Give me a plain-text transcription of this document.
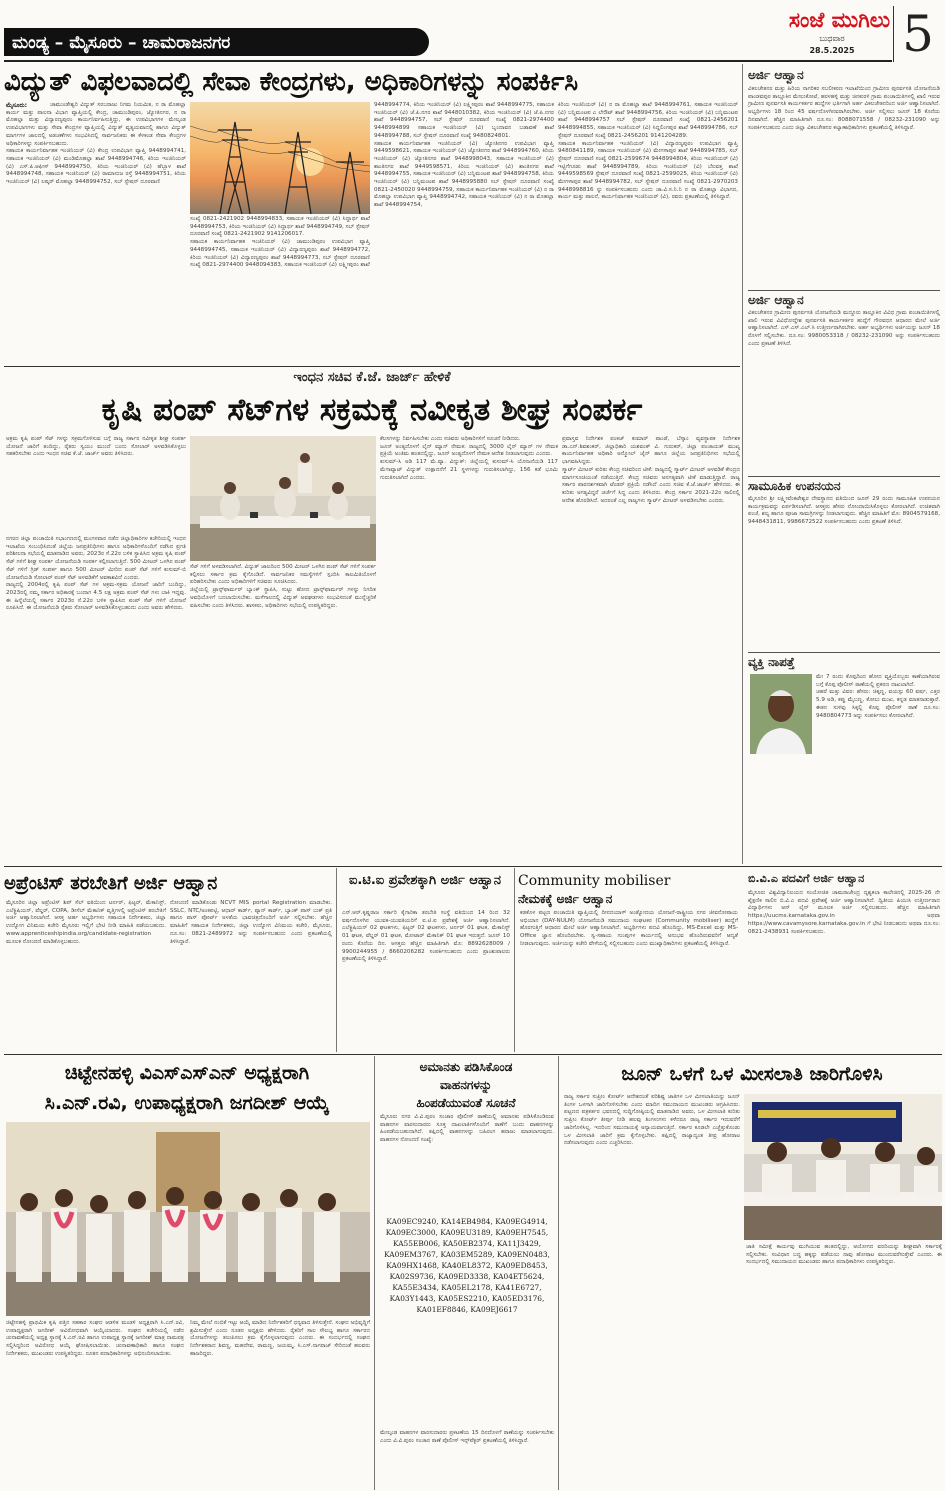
ಮಂಡ್ಯ – ಮೈಸೂರು – ಚಾಮರಾಜನಗರ
ಸಂಜೆ ಮುಗಿಲು
ಬುಧವಾರ
28.5.2025 5
ವಿದ್ಯುತ್ ವಿಫಲವಾದಲ್ಲಿ ಸೇವಾ ಕೇಂದ್ರಗಳು, ಅಧಿಕಾರಿಗಳನ್ನು ಸಂಪರ್ಕಿಸಿ
ಮೈಸೂರು:	ಚಾಮುಂಡೇಶ್ವರಿ ವಿದ್ಯುತ್ ಸರಬರಾಜು ನಿಗಮ ನಿಯಮಿತ, ನ ರಾ ಮೊಹಲ್ಲಾ ಕಾರ್ಯ ಮತ್ತು ಪಾಲನಾ ವಿಭಾಗ ವ್ಯಾಪ್ತಿಯಲ್ಲಿ ಕೇಂದ್ರ, ಚಾಮುಂಡಿಪುರಂ, ಜ್ಯೋತಿನಗರ, ನ ರಾ ಮೊಹಲ್ಲಾ ಮತ್ತು ವಿದ್ಯಾರಣ್ಯಪುರಂ ಕಾರ್ಯನಿರ್ವಹಿಸುತ್ತಿದ್ದು, ಈ ಉಪವಿಭಾಗಗಳ ಮೇಲ್ಕಂಡ ಉಪವಿಭಾಗಗಳು ಮತ್ತು ಸೇವಾ ಕೇಂದ್ರಗಳ ವ್ಯಾಪ್ತಿಯಲ್ಲಿ ವಿದ್ಯುತ್ ವ್ಯತ್ಯಯವಾದಲ್ಲಿ ಹಾಗೂ ವಿದ್ಯುತ್ ಮಾರ್ಗಗಳ ಜಾಲದಲ್ಲಿ ಅಡಚಣೆಗಳು ಸಂಭವಿಸಿದಲ್ಲಿ ಸಾರ್ವಜನಿಕರು ಈ ಕೆಳಕಂಡ ಸೇವಾ ಕೇಂದ್ರಗಳ ಅಧಿಕಾರಿಗಳನ್ನು ಸಂಪರ್ಕಿಸಬಹುದು.
ಸಹಾಯಕ ಕಾರ್ಯನಿರ್ವಾಹಕ ಇಂಜಿನಿಯರ್ (ವಿ) ಕೇಂದ್ರ ಉಪವಿಭಾಗ ವ್ಯಾಪ್ತಿ 9448994741, ಸಹಾಯಕ ಇಂಜಿನಿಯರ್ (ವಿ) ಮಂಡಿಮೊಹಲ್ಲಾ ಶಾಖೆ 9448994746, ಕಿರಿಯ ಇಂಜಿನಿಯರ್ (ವಿ) ಎಸ್.ಪಿ.ಆಫೀಸ್ 9448994750, ಕಿರಿಯ ಇಂಜಿನಿಯರ್ (ವಿ) ಹೆಬ್ಬಾಳ ಶಾಖೆ 9448994748, ಸಹಾಯಕ ಇಂಜಿನಿಯರ್ (ವಿ) ರಾಮಾನುಜ ರಸ್ತೆ 9448994751, ಕಿರಿಯ ಇಂಜಿನಿಯರ್ (ವಿ) ಲಷ್ಕರ್ ಮೊಹಲ್ಲಾ 9448994752, ಸಬ್ ಸ್ಟೇಷನ್ ದೂರವಾಣಿ
ಸಂಖ್ಯೆ 0821-2421902 9448994833, ಸಹಾಯಕ ಇಂಜಿನಿಯರ್ (ವಿ) ಸಿದ್ದಾರ್ಥ ಶಾಖೆ 9448994753, ಕಿರಿಯ ಇಂಜಿನಿಯರ್ (ವಿ) ಸಿದ್ದಾರ್ಥ ಶಾಖೆ 9448994749, ಸಬ್ ಸ್ಟೇಷನ್ ದೂರವಾಣಿ ಸಂಖ್ಯೆ 0821-2421902 9141206017.
ಸಹಾಯಕ ಕಾರ್ಯನಿರ್ವಾಹಕ ಇಂಜಿನಿಯರ್ (ವಿ) ಚಾಮುಂಡಿಪುರಂ ಉಪವಿಭಾಗ ವ್ಯಾಪ್ತಿ 9448994745, ಸಹಾಯಕ ಇಂಜಿನಿಯರ್ (ವಿ) ವಿದ್ಯಾರಣ್ಯಪುರಂ ಶಾಖೆ 9448994772, ಕಿರಿಯ ಇಂಜಿನಿಯರ್ (ವಿ) ವಿದ್ಯಾರಣ್ಯಪುರಂ ಶಾಖೆ 9448994773, ಸಬ್ ಸ್ಟೇಷನ್ ದೂರವಾಣಿ ಸಂಖ್ಯೆ 0821-2974400 9448094383, ಸಹಾಯಕ ಇಂಜಿನಿಯರ್ (ವಿ) ಲಕ್ಷ್ಮೀಪುರಂ ಶಾಖೆ
9448994774, ಕಿರಿಯ ಇಂಜಿನಿಯರ್ (ವಿ) ಲಕ್ಷ್ಮೀಪುರಂ ಶಾಖೆ 9448994775, ಸಹಾಯಕ ಇಂಜಿನಿಯರ್ (ವಿ) ಜೆ.ಪಿ.ನಗರ ಶಾಖೆ 9448010382, ಕಿರಿಯ ಇಂಜಿನಿಯರ್ (ವಿ) ಜೆ.ಪಿ.ನಗರ ಶಾಖೆ 9448994757, ಸಬ್ ಸ್ಟೇಷನ್ ದೂರವಾಣಿ ಸಂಖ್ಯೆ 0821-2974400 9448994899 ಸಹಾಯಕ ಇಂಜಿನಿಯರ್ (ವಿ) ಬೃಂದಾವನ ಬಡಾವಣೆ ಶಾಖೆ 9448994788, ಸಬ್ ಸ್ಟೇಷನ್ ದೂರವಾಣಿ ಸಂಖ್ಯೆ 9480824801.
ಸಹಾಯಕ ಕಾರ್ಯನಿರ್ವಾಹಕ ಇಂಜಿನಿಯರ್ (ವಿ) ಜ್ಯೋತಿನಗರ ಉಪವಿಭಾಗ ವ್ಯಾಪ್ತಿ 9449598621, ಸಹಾಯಕ ಇಂಜಿನಿಯರ್ (ವಿ) ಜ್ಯೋತಿನಗರ ಶಾಖೆ 9448994760, ಕಿರಿಯ ಇಂಜಿನಿಯರ್ (ವಿ) ಜ್ಯೋತಿನಗರ ಶಾಖೆ 9448998043, ಸಹಾಯಕ ಇಂಜಿನಿಯರ್ (ವಿ) ಶಾಂತಿನಗರ ಶಾಖೆ 9449598571, ಕಿರಿಯ ಇಂಜಿನಿಯರ್ (ವಿ) ಶಾಂತಿನಗರ ಶಾಖೆ 9448994755, ಸಹಾಯಕ ಇಂಜಿನಿಯರ್ (ವಿ) ಬನ್ನಿಮಂಟಪ ಶಾಖೆ 9448994758, ಕಿರಿಯ ಇಂಜಿನಿಯರ್ (ವಿ) ಬನ್ನಿಮಂಟಪ ಶಾಖೆ 9448995880 ಸಬ್ ಸ್ಟೇಷನ್ ದೂರವಾಣಿ ಸಂಖ್ಯೆ 0821-2450020 9448994759, ಸಹಾಯಕ ಕಾರ್ಯನಿರ್ವಾಹಕ ಇಂಜಿನಿಯರ್ (ವಿ) ನ ರಾ ಮೊಹಲ್ಲಾ ಉಪವಿಭಾಗ ವ್ಯಾಪ್ತಿ 9448994742, ಸಹಾಯಕ ಇಂಜಿನಿಯರ್ (ವಿ) ನ ರಾ ಮೊಹಲ್ಲಾ ಶಾಖೆ 9448994754,
ಕಿರಿಯ ಇಂಜಿನಿಯರ್ (ವಿ) ನ ರಾ ಮೊಹಲ್ಲಾ ಶಾಖೆ 9448994761, ಸಹಾಯಕ ಇಂಜಿನಿಯರ್ (ವಿ) ಬನ್ನಿಮಂಟಪ ಎ ಲೇಔಟ್ ಶಾಖೆ 9448994756, ಕಿರಿಯ ಇಂಜಿನಿಯರ್ (ವಿ) ಬನ್ನಿಮಂಟಪ ಶಾಖೆ 9448994757 ಸಬ್ ಸ್ಟೇಷನ್ ದೂರವಾಣಿ ಸಂಖ್ಯೆ 0821-2456201 9448994855, ಸಹಾಯಕ ಇಂಜಿನಿಯರ್ (ವಿ) ಸಿದ್ದಲಿಂಗಪುರ ಶಾಖೆ 9448994786, ಸಬ್ ಸ್ಟೇಷನ್ ದೂರವಾಣಿ ಸಂಖ್ಯೆ 0821-2456201 9141204289.
ಸಹಾಯಕ ಕಾರ್ಯನಿರ್ವಾಹಕ ಇಂಜಿನಿಯರ್ (ವಿ) ವಿದ್ಯಾರಣ್ಯಪುರಂ ಉಪವಿಭಾಗ ವ್ಯಾಪ್ತಿ 9480841189, ಸಹಾಯಕ ಇಂಜಿನಿಯರ್ (ವಿ) ಮೇಗಳಾಪುರ ಶಾಖೆ 9448994785, ಸಬ್ ಸ್ಟೇಷನ್ ದೂರವಾಣಿ ಸಂಖ್ಯೆ 0821-2599674 9448994804, ಕಿರಿಯ ಇಂಜಿನಿಯರ್ (ವಿ) ಇಟ್ಟಿಗೆಗೂಡು ಶಾಖೆ 9448994789, ಕಿರಿಯ ಇಂಜಿನಿಯರ್ (ವಿ) ಬೆಲವತ್ತ ಶಾಖೆ 9449598569 ಸ್ಟೇಷನ್ ದೂರವಾಣಿ ಸಂಖ್ಯೆ 0821-2599025, ಕಿರಿಯ ಇಂಜಿನಿಯರ್ (ವಿ) ಮೇಗಳಾಪುರ ಶಾಖೆ 9448994782, ಸಬ್ ಸ್ಟೇಷನ್ ದೂರವಾಣಿ ಸಂಖ್ಯೆ 0821-2970203 9448998816 ನ್ನು ಸಂಪರ್ಕಿಸಬಹುದು ಎಂದು ಚಾ.ವಿ.ಸ.ನಿ.ನಿ ನ ರಾ ಮೊಹಲ್ಲಾ ವಿಭಾಗದ, ಕಾರ್ಯ ಮತ್ತು ಪಾಲನೆ, ಕಾರ್ಯನಿರ್ವಾಹಕ ಇಂಜಿನಿಯರ್ (ವಿ), ರವರು ಪ್ರಕಟಣೆಯಲ್ಲಿ ತಿಳಿಸಿದ್ದಾರೆ.
ಇಂಧನ ಸಚಿವ ಕೆ.ಜೆ. ಜಾರ್ಜ್ ಹೇಳಿಕೆ
ಕೃಷಿ ಪಂಪ್ ಸೆಟ್‌ಗಳ ಸಕ್ರಮಕ್ಕೆ ನವೀಕೃತ ಶೀಘ್ರ ಸಂಪರ್ಕ
ಅಕ್ರಮ ಕೃಷಿ ಪಂಪ್ ಸೆಟ್ ಗಳನ್ನು ಸಕ್ರಮಗೊಳಿಸುವ ಬಗ್ಗೆ ರಾಜ್ಯ ಸರ್ಕಾರ ನವೀಕೃತ ಶೀಘ್ರ ಸಂಪರ್ಕ ಯೋಜನೆ ಜಾರಿಗೆ ತಂದಿದ್ದು, ರೈತರು ಸ್ವಯಂ ಮುಂದೆ ಬಂದು ಸೋಲಾರ್ ಅಳವಡಿಸಿಕೊಳ್ಳಲು ಸಹಕರಿಸಬೇಕು ಎಂದು ಇಂಧನ ಸಚಿವ ಕೆ.ಜೆ. ಜಾರ್ಜ್ ಅವರು ತಿಳಿಸಿದರು.
ನಗರದ ಜಿಲ್ಲಾ ಪಂಚಾಯಿತಿ ಸಭಾಂಗಣದಲ್ಲಿ ಮಂಗಳವಾರ ನಡೆದ ಜಿಲ್ಲಾಧಿಕಾರಿಗಳ ಕಚೇರಿಯಲ್ಲಿ ಇಂಧನ ಇಲಾಖೆಯ ಸಂಬಂಧಿಸಿದಂತೆ ಜಿಲ್ಲೆಯ ಜನಪ್ರತಿನಿಧಿಗಳು ಹಾಗೂ ಅಧಿಕಾರಿಗಳೊಂದಿಗೆ ನಡೆಸಿದ ಪ್ರಗತಿ ಪರಿಶೀಲನಾ ಸಭೆಯಲ್ಲಿ ಮಾತನಾಡಿದ ಅವರು, 2023ರ ಸೆ.22ರ ಬಳಿಕ ಸ್ಥಾಪಿಸಿದ ಅಕ್ರಮ ಕೃಷಿ ಪಂಪ್ ಸೆಟ್ ಗಳಿಗೆ ಶೀಘ್ರ ಸಂಪರ್ಕ ಯೋಜನೆಯಡಿ ಸಂಪರ್ಕ ಕಲ್ಪಿಸಲಾಗುತ್ತಿದೆ. 500 ಮೀಟರ್ ಒಳಗಿನ ಪಂಪ್ ಸೆಟ್ ಗಳಿಗೆ ಗ್ರಿಡ್ ಸಂಪರ್ಕ ಹಾಗೂ 500 ಮೀಟರ್ ಮೀರಿದ ಪಂಪ್ ಸೆಟ್ ಗಳಿಗೆ ಕುಸುಮ್-ಬಿ ಯೋಜನೆಯಡಿ ಸೋಲಾರ್ ಪಂಪ್ ಸೆಟ್ ಅಳವಡಿಕೆಗೆ ಅವಕಾಶವಿದೆ ಎಂದರು.
ರಾಜ್ಯದಲ್ಲಿ 2004ರಲ್ಲಿ ಕೃಷಿ ಪಂಪ್ ಸೆಟ್ ಗಳ ಅಕ್ರಮ-ಸಕ್ರಮ ಯೋಜನೆ ಜಾರಿಗೆ ಬಂದಿದ್ದು, 2023ರಲ್ಲಿ ನಮ್ಮ ಸರ್ಕಾರ ಅಧಿಕಾರಕ್ಕೆ ಬಂದಾಗ 4.5 ಲಕ್ಷ ಅಕ್ರಮ ಪಂಪ್ ಸೆಟ್ ಗಳು ಬಾಕಿ ಇದ್ದವು. ಈ ಹಿನ್ನೆಲೆಯಲ್ಲಿ ಸರ್ಕಾರ 2023ರ ಸೆ.22ರ ಬಳಿಕ ಸ್ಥಾಪಿಸಿದ ಪಂಪ್ ಸೆಟ್ ಗಳಿಗೆ ಯೋಜನೆ ರೂಪಿಸಿದೆ. ಈ ಯೋಜನೆಯಡಿ ರೈತರು ಸೋಲಾರ್ ಅಳವಡಿಸಿಕೊಳ್ಳಬಹುದು ಎಂದು ಅವರು ಹೇಳಿದರು.
ಸೆಟ್ ಗಳಿಗೆ ಅಳವಡಿಸಲಾಗಿದೆ. ವಿದ್ಯುತ್ ಜಾಲದಿಂದ 500 ಮೀಟರ್ ಒಳಗಿನ ಪಂಪ್ ಸೆಟ್ ಗಳಿಗೆ ಸಂಪರ್ಕ ಕಲ್ಪಿಸಲು ಸರ್ಕಾರ ಕ್ರಮ ಕೈಗೊಂಡಿದೆ. ಸಾರ್ವಜನಿಕರ ಸಮಸ್ಯೆಗಳಿಗೆ ಸ್ಪಂದಿಸಿ ಕಾಲಮಿತಿಯೊಳಗೆ ಪರಿಹರಿಸಬೇಕು ಎಂದು ಅಧಿಕಾರಿಗಳಿಗೆ ಸಚಿವರು ಸೂಚಿಸಿದರು.
ಜಿಲ್ಲೆಯಲ್ಲಿ ಟ್ರಾನ್ಸ್‌ಫಾರ್ಮರ್ ಬ್ಯಾಂಕ್ ಸ್ಥಾಪಿಸಿ, ಸುಟ್ಟು ಹೋದ ಟ್ರಾನ್ಸ್‌ಫಾರ್ಮರ್ ಗಳನ್ನು ನಿಗದಿತ ಅವಧಿಯೊಳಗೆ ಬದಲಾಯಿಸಬೇಕು. ಮಳೆಗಾಲದಲ್ಲಿ ವಿದ್ಯುತ್ ಅವಘಡಗಳು ಸಂಭವಿಸದಂತೆ ಮುನ್ನೆಚ್ಚರಿಕೆ ವಹಿಸಬೇಕು ಎಂದು ತಿಳಿಸಿದರು. ಶಾಸಕರು, ಅಧಿಕಾರಿಗಳು ಸಭೆಯಲ್ಲಿ ಉಪಸ್ಥಿತರಿದ್ದರು.
ಕೆಲಸಗಳನ್ನು ನಿರ್ವಹಿಸಬೇಕು ಎಂದು ಸಚಿವರು ಅಧಿಕಾರಿಗಳಿಗೆ ಸೂಚನೆ ನೀಡಿದರು.
ಜೂನ್ ಅಂತ್ಯದೊಳಗೆ ಲೈನ್ ಮ್ಯಾನ್ ನೇಮಕ: ರಾಜ್ಯದಲ್ಲಿ 3000 ಲೈನ್ ಮ್ಯಾನ್ ಗಳ ನೇಮಕ ಪ್ರಕ್ರಿಯೆ ಅಂತಿಮ ಹಂತದಲ್ಲಿದ್ದು, ಜೂನ್ ಅಂತ್ಯದೊಳಗೆ ನೇಮಕ ಆದೇಶ ನೀಡಲಾಗುವುದು ಎಂದರು.
ಕುಸುಮ್-ಸಿ ಅಡಿ 117 ಮೆ.ವ್ಯಾ. ವಿದ್ಯುತ್: ಜಿಲ್ಲೆಯಲ್ಲಿ ಕುಸುಮ್-ಸಿ ಯೋಜನೆಯಡಿ 117 ಮೆಗಾವ್ಯಾಟ್ ವಿದ್ಯುತ್ ಉತ್ಪಾದನೆಗೆ 21 ಸ್ಥಳಗಳನ್ನು ಗುರುತಿಸಲಾಗಿದ್ದು, 156 ಕಡೆ ಭೂಮಿ ಗುರುತಿಸಲಾಗಿದೆ ಎಂದರು.
ಪ್ರವಾಸ್ತವ ನಿರ್ದೇಶಕ ಪಂಕಜ್ ಕುಮಾರ್ ಪಾಂಡೆ, ಬೆಸ್ಕಾಂ ವ್ಯವಸ್ಥಾಪಕ ನಿರ್ದೇಶಕ ಡಾ.ಎನ್.ಶಿವಶಂಕರ್, ಜಿಲ್ಲಾಧಿಕಾರಿ ಯಶವಂತ್ ವಿ. ಗುರುಕರ್, ಜಿಲ್ಲಾ ಪಂಚಾಯತ್ ಮುಖ್ಯ ಕಾರ್ಯನಿರ್ವಾಹಕ ಅಧಿಕಾರಿ ಅನ್ಮೋಲ್ ಜೈನ್ ಹಾಗೂ ಜಿಲ್ಲೆಯ ಜನಪ್ರತಿನಿಧಿಗಳು ಸಭೆಯಲ್ಲಿ ಭಾಗವಹಿಸಿದ್ದರು.
ಸ್ಮಾರ್ಟ್ ಮೀಟರ್ ಕುರಿತು ಕೇಂದ್ರ ಸಚಿವರಿಂದ ಟೀಕೆ: ರಾಜ್ಯದಲ್ಲಿ ಸ್ಮಾರ್ಟ್ ಮೀಟರ್ ಅಳವಡಿಕೆ ಕೇಂದ್ರದ ಮಾರ್ಗಸೂಚಿಯಂತೆ ನಡೆಯುತ್ತಿದೆ. ಕೇಂದ್ರ ಸಚಿವರು ಅನಗತ್ಯವಾಗಿ ಟೀಕೆ ಮಾಡುತ್ತಿದ್ದಾರೆ. ರಾಜ್ಯ ಸರ್ಕಾರ ಪಾರದರ್ಶಕವಾಗಿ ಟೆಂಡರ್ ಪ್ರಕ್ರಿಯೆ ನಡೆಸಿದೆ ಎಂದು ಸಚಿವ ಕೆ.ಜೆ.ಜಾರ್ಜ್ ಹೇಳಿದರು. ಈ ಕುರಿತು ಅಗತ್ಯವಿದ್ದರೆ ಚರ್ಚೆಗೆ ಸಿದ್ಧ ಎಂದು ತಿಳಿಸಿದರು. ಕೇಂದ್ರ ಸರ್ಕಾರ 2021-22ರ ಸಾಲಿನಲ್ಲಿ ಆದೇಶ ಹೊರಡಿಸಿದೆ. ಅದರಂತೆ ಎಲ್ಲ ರಾಜ್ಯಗಳು ಸ್ಮಾರ್ಟ್ ಮೀಟರ್ ಅಳವಡಿಸಬೇಕು ಎಂದರು.
ಅರ್ಜಿ ಆಹ್ವಾನ
ವಿಕಲಚೇತನರ ಮತ್ತು ಹಿರಿಯ ನಾಗರಿಕರ ಸಬಲೀಕರಣ ಇಲಾಖೆಯಿಂದ ಗ್ರಾಮೀಣ ಪುನರ್ವಸತಿ ಯೋಜನೆಯಡಿ ಪಾಂಡವಪುರ ತಾಲ್ಲೂಕಿನ ಮೇಲುಕೋಟೆ, ಹರಳಹಳ್ಳಿ ಮತ್ತು ಚಿನಕುರಳಿ ಗ್ರಾಮ ಪಂಚಾಯಿತಿಗಳಲ್ಲಿ ಖಾಲಿ ಇರುವ ಗ್ರಾಮೀಣ ಪುನರ್ವಸತಿ ಕಾರ್ಯಕರ್ತರ ಹುದ್ದೆಗಳ ಭರ್ತಿಗಾಗಿ ಅರ್ಹ ವಿಕಲಚೇತನರಿಂದ ಅರ್ಜಿ ಆಹ್ವಾನಿಸಲಾಗಿದೆ. ಅಭ್ಯರ್ಥಿಗಳು 18 ರಿಂದ 45 ವರ್ಷದೊಳಗಿನವರಾಗಿರಬೇಕು. ಅರ್ಜಿ ಸಲ್ಲಿಸಲು ಜೂನ್ 18 ಕೊನೆಯ ದಿನವಾಗಿದೆ. ಹೆಚ್ಚಿನ ಮಾಹಿತಿಗಾಗಿ ದೂ.ಸಂ: 8088071558 / 08232-231090 ಅನ್ನು ಸಂಪರ್ಕಿಸಬಹುದು ಎಂದು ಜಿಲ್ಲಾ ವಿಕಲಚೇತನರ ಕಲ್ಯಾಣಾಧಿಕಾರಿಗಳು ಪ್ರಕಟಣೆಯಲ್ಲಿ ತಿಳಿಸಿದ್ದಾರೆ.
ಅರ್ಜಿ ಆಹ್ವಾನ
ವಿಕಲಚೇತನರ ಗ್ರಾಮೀಣ ಪುನರ್ವಸತಿ ಯೋಜನೆಯಡಿ ಮದ್ದೂರು ತಾಲ್ಲೂಕಿನ ವಿವಿಧ ಗ್ರಾಮ ಪಂಚಾಯಿತಿಗಳಲ್ಲಿ ಖಾಲಿ ಇರುವ ವಿವಿಧೋದ್ದೇಶ ಪುನರ್ವಸತಿ ಕಾರ್ಯಕರ್ತರ ಹುದ್ದೆಗೆ ಗೌರವಧನ ಆಧಾರದ ಮೇಲೆ ಅರ್ಜಿ ಆಹ್ವಾನಿಸಲಾಗಿದೆ. ಎಸ್.ಎಸ್.ಎಲ್.ಸಿ ಉತ್ತೀರ್ಣರಾಗಿರಬೇಕು. ಅರ್ಹ ಅಭ್ಯರ್ಥಿಗಳು ಅರ್ಜಿಯನ್ನು ಜೂನ್ 18 ರೊಳಗೆ ಸಲ್ಲಿಸಬೇಕು. ದೂ.ಸಂ: 9980053318 / 08232-231090 ಅನ್ನು ಸಂಪರ್ಕಿಸಬಹುದು ಎಂದು ಪ್ರಕಟಣೆ ತಿಳಿಸಿದೆ.
ಸಾಮೂಹಿಕ ಉಪನಯನ
ಮೈಸೂರಿನ ಶ್ರೀ ಲಕ್ಷ್ಮೀವೆಂಕಟೇಶ್ವರ ದೇವಸ್ಥಾನದ ವತಿಯಿಂದ ಜೂನ್ 29 ರಂದು ಸಾಮೂಹಿಕ ಉಪನಯನ ಕಾರ್ಯಕ್ರಮವನ್ನು ಏರ್ಪಡಿಸಲಾಗಿದೆ. ಆಸಕ್ತರು ಹೆಸರು ನೋಂದಾಯಿಸಿಕೊಳ್ಳಲು ಕೋರಲಾಗಿದೆ. ಉಚಿತವಾಗಿ ಪಂಚೆ, ಶಲ್ಯ ಹಾಗೂ ಪೂಜಾ ಸಾಮಗ್ರಿಗಳನ್ನು ನೀಡಲಾಗುವುದು. ಹೆಚ್ಚಿನ ಮಾಹಿತಿಗೆ ಮೊ: 8904579168, 9448431811, 9986672522 ಸಂಪರ್ಕಿಸಬಹುದು ಎಂದು ಪ್ರಕಟಣೆ ತಿಳಿಸಿದೆ.
ವ್ಯಕ್ತಿ ನಾಪತ್ತೆ
ಮೇ 7 ರಂದು ಕೊಪ್ಪದಿಂದ ಹೋದ ವ್ಯಕ್ತಿಯೊಬ್ಬರು ಕಾಣೆಯಾಗಿರುವ ಬಗ್ಗೆ ಕೊಪ್ಪ ಪೊಲೀಸ್ ಠಾಣೆಯಲ್ಲಿ ಪ್ರಕರಣ ದಾಖಲಾಗಿದೆ.
ಚಹರೆ ಮತ್ತು ವಿವರ: ಹೆಸರು: ಚಿಕ್ಕಣ್ಣ, ವಯಸ್ಸು 60 ವರ್ಷ, ಎತ್ತರ 5.9 ಅಡಿ, ಕಪ್ಪು ಮೈಬಣ್ಣ, ಕೋಲು ಮುಖ, ಕನ್ನಡ ಮಾತನಾಡುತ್ತಾರೆ. ಈತನ ಸುಳಿವು ಸಿಕ್ಕಲ್ಲಿ ಕೊಪ್ಪ ಪೊಲೀಸ್ ಠಾಣೆ ದೂ.ಸಂ: 9480804773 ಅನ್ನು ಸಂಪರ್ಕಿಸಲು ಕೋರಲಾಗಿದೆ.
ಬಿ.ವಿ.ಎ ಪದವಿಗೆ ಅರ್ಜಿ ಆಹ್ವಾನ
ಮೈಸೂರು ವಿಶ್ವವಿದ್ಯಾನಿಲಯದ ಸಂಯೋಜಿತ ಚಾಮರಾಜೇಂದ್ರ ದೃಶ್ಯಕಲಾ ಕಾಲೇಜಿನಲ್ಲಿ 2025-26 ನೇ ಶೈಕ್ಷಣಿಕ ಸಾಲಿನ ಬಿ.ವಿ.ಎ ಪದವಿ ಪ್ರವೇಶಕ್ಕೆ ಅರ್ಜಿ ಆಹ್ವಾನಿಸಲಾಗಿದೆ. ದ್ವಿತೀಯ ಪಿಯುಸಿ ಉತ್ತೀರ್ಣರಾದ ವಿದ್ಯಾರ್ಥಿಗಳು ಆನ್ ಲೈನ್ ಮೂಲಕ ಅರ್ಜಿ ಸಲ್ಲಿಸಬಹುದು. ಹೆಚ್ಚಿನ ಮಾಹಿತಿಗಾಗಿ https://uucms.karnataka.gov.in ಅಥವಾ https://www.cavamysore.karnataka.gov.in ಗೆ ಭೇಟಿ ನೀಡಬಹುದು ಅಥವಾ ದೂ.ಸಂ: 0821-2438931 ಸಂಪರ್ಕಿಸಬಹುದು.
ಅಪ್ರೆಂಟಿಸ್ ತರಬೇತಿಗೆ ಅರ್ಜಿ ಆಹ್ವಾನ
ಮೈಸೂರಿನ ಜಿಲ್ಲಾ ಅಪ್ರೆಂಟಿಸ್ ಶಿಪ್ ಸೆಲ್ ವತಿಯಿಂದ ಟರ್ನರ್, ಫಿಟ್ಟರ್, ಮೆಕಾನಿಸ್ಟ್, ಎಲೆಕ್ಟ್ರಿಷಿಯನ್, ವೆಲ್ಡರ್, COPA, ಡೀಸೆಲ್ ಮೆಕಾನಿಕ್ ವೃತ್ತಿಗಳಲ್ಲಿ ಅಪ್ರೆಂಟಿಸ್ ತರಬೇತಿಗೆ ಅರ್ಜಿ ಆಹ್ವಾನಿಸಲಾಗಿದೆ. ಆಸಕ್ತ ಅರ್ಹ ಅಭ್ಯರ್ಥಿಗಳು ಸಹಾಯಕ ನಿರ್ದೇಶಕರು, ಜಿಲ್ಲಾ ಉದ್ಯೋಗ ವಿನಿಮಯ ಕಚೇರಿ ಮೈಸೂರು ಇಲ್ಲಿಗೆ ಭೇಟಿ ನೀಡಿ ಮಾಹಿತಿ ಪಡೆಯಬಹುದು. www.apprenticeshipindia.org/candidate-registration ಮೂಲಕ ನೋಂದಣಿ ಮಾಡಿಕೊಳ್ಳಬಹುದು.
ನೋಂದಣಿ ಮಾಡಿಕೊಂಡು NCVT MIS portal Registration ಮಾಡಬೇಕು. SSLC, NTC/ಅಂಕಪಟ್ಟಿ, ಆಧಾರ್ ಕಾರ್ಡ್, ಪ್ಯಾನ್ ಕಾರ್ಡ್, ಬ್ಯಾಂಕ್ ಪಾಸ್ ಬುಕ್ ಪ್ರತಿ ಹಾಗೂ ಪಾಸ್ ಪೋರ್ಟ್ ಅಳತೆಯ ಭಾವಚಿತ್ರದೊಂದಿಗೆ ಅರ್ಜಿ ಸಲ್ಲಿಸಬೇಕು. ಹೆಚ್ಚಿನ ಮಾಹಿತಿಗೆ ಸಹಾಯಕ ನಿರ್ದೇಶಕರು, ಜಿಲ್ಲಾ ಉದ್ಯೋಗ ವಿನಿಮಯ ಕಚೇರಿ, ಮೈಸೂರು, ದೂ.ಸಂ: 0821-2489972 ಅನ್ನು ಸಂಪರ್ಕಿಸಬಹುದು ಎಂದು ಪ್ರಕಟಣೆಯಲ್ಲಿ ತಿಳಿಸಿದ್ದಾರೆ.
ಐ.ಟಿ.ಐ ಪ್ರವೇಶಕ್ಕಾಗಿ ಅರ್ಜಿ ಆಹ್ವಾನ
ಎನ್.ಆರ್.ಕೃಷ್ಣರಾಜ ಸರ್ಕಾರಿ ಕೈಗಾರಿಕಾ ತರಬೇತಿ ಸಂಸ್ಥೆ ವತಿಯಿಂದ 14 ರಿಂದ 32 ವರ್ಷದೊಳಗಿನ ಯುವಕ-ಯುವತಿಯರಿಗೆ ಐ.ಟಿ.ಐ ಪ್ರವೇಶಕ್ಕೆ ಅರ್ಜಿ ಆಹ್ವಾನಿಸಲಾಗಿದೆ. ಎಲೆಕ್ಟ್ರಿಷಿಯನ್ 02 ಘಟಕಗಳು, ಫಿಟ್ಟರ್ 02 ಘಟಕಗಳು, ಟರ್ನರ್ 01 ಘಟಕ, ಮೆಕಾನಿಸ್ಟ್ 01 ಘಟಕ, ವೆಲ್ಡರ್ 01 ಘಟಕ, ಮೋಟಾರ್ ಮೆಕಾನಿಕ್ 01 ಘಟಕ ಇರುತ್ತದೆ. ಜೂನ್ 10 ರಂದು ಕೊನೆಯ ದಿನ. ಆಸಕ್ತರು ಹೆಚ್ಚಿನ ಮಾಹಿತಿಗಾಗಿ ಮೊ: 8892628009 / 9900244955 / 8660206282 ಸಂಪರ್ಕಿಸಬಹುದು ಎಂದು ಪ್ರಾಂಶುಪಾಲರು ಪ್ರಕಟಣೆಯಲ್ಲಿ ತಿಳಿಸಿದ್ದಾರೆ.
Community mobiliser
ನೇಮಕಕ್ಕೆ ಅರ್ಜಿ ಆಹ್ವಾನ
ಕಡಕೊಳ ಪಟ್ಟಣ ಪಂಚಾಯಿತಿ ವ್ಯಾಪ್ತಿಯಲ್ಲಿ ದೀನದಯಾಳ್ ಅಂತ್ಯೋದಯ ಯೋಜನೆ-ರಾಷ್ಟ್ರೀಯ ನಗರ ಜೀವನೋಪಾಯ ಅಭಿಯಾನ (DAY-NULM) ಯೋಜನೆಯಡಿ ಸಮುದಾಯ ಸಂಘಟಕರ (Community mobiliser) ಹುದ್ದೆಗೆ ಹೊರಗುತ್ತಿಗೆ ಆಧಾರದ ಮೇಲೆ ಅರ್ಜಿ ಆಹ್ವಾನಿಸಲಾಗಿದೆ. ಅಭ್ಯರ್ಥಿಗಳು ಪದವಿ ಹೊಂದಿದ್ದು, MS-Excel ಮತ್ತು MS-Office ಜ್ಞಾನ ಹೊಂದಿರಬೇಕು. ಸ್ವ-ಸಹಾಯ ಗುಂಪುಗಳ ಕಾರ್ಯದಲ್ಲಿ ಅನುಭವ ಹೊಂದಿರುವವರಿಗೆ ಆದ್ಯತೆ ನೀಡಲಾಗುವುದು. ಅರ್ಜಿಯನ್ನು ಕಚೇರಿ ವೇಳೆಯಲ್ಲಿ ಸಲ್ಲಿಸಬಹುದು ಎಂದು ಮುಖ್ಯಾಧಿಕಾರಿಗಳು ಪ್ರಕಟಣೆಯಲ್ಲಿ ತಿಳಿಸಿದ್ದಾರೆ.
ಚಿಟ್ಟೇನಹಳ್ಳಿ ವಿಎಸ್‌ಎಸ್‌ಎನ್ ಅಧ್ಯಕ್ಷರಾಗಿ
ಸಿ.ಎನ್.ರವಿ, ಉಪಾಧ್ಯಕ್ಷರಾಗಿ ಜಗದೀಶ್ ಆಯ್ಕೆ
ಚಿಟ್ಟೇನಹಳ್ಳಿ ಪ್ರಾಥಮಿಕ ಕೃಷಿ ಪತ್ತಿನ ಸಹಕಾರ ಸಂಘದ ಆಡಳಿತ ಮಂಡಳಿ ಅಧ್ಯಕ್ಷರಾಗಿ ಸಿ.ಎನ್.ರವಿ, ಉಪಾಧ್ಯಕ್ಷರಾಗಿ ಜಗದೀಶ್ ಅವಿರೋಧವಾಗಿ ಆಯ್ಕೆಯಾದರು. ಸಂಘದ ಕಚೇರಿಯಲ್ಲಿ ನಡೆದ ಚುನಾವಣೆಯಲ್ಲಿ ಅಧ್ಯಕ್ಷ ಸ್ಥಾನಕ್ಕೆ ಸಿ.ಎನ್.ರವಿ ಹಾಗೂ ಉಪಾಧ್ಯಕ್ಷ ಸ್ಥಾನಕ್ಕೆ ಜಗದೀಶ್ ಮಾತ್ರ ನಾಮಪತ್ರ ಸಲ್ಲಿಸಿದ್ದರಿಂದ ಅವಿರೋಧ ಆಯ್ಕೆ ಘೋಷಿಸಲಾಯಿತು. ಚುನಾವಣಾಧಿಕಾರಿ ಹಾಗೂ ಸಂಘದ ನಿರ್ದೇಶಕರು, ಮುಖಂಡರು ಉಪಸ್ಥಿತರಿದ್ದರು. ನೂತನ ಪದಾಧಿಕಾರಿಗಳನ್ನು ಅಭಿನಂದಿಸಲಾಯಿತು.
ನಿಮ್ಮ ಮೇಲೆ ನಂಬಿಕೆ ಇಟ್ಟು ಆಯ್ಕೆ ಮಾಡಿದ ನಿರ್ದೇಶಕರಿಗೆ ಧನ್ಯವಾದ ತಿಳಿಸುತ್ತೇನೆ. ಸಂಘದ ಅಭಿವೃದ್ಧಿಗೆ ಶ್ರಮಿಸುತ್ತೇನೆ ಎಂದು ನೂತನ ಅಧ್ಯಕ್ಷರು ಹೇಳಿದರು. ರೈತರಿಗೆ ಸಾಲ ಸೌಲಭ್ಯ ಹಾಗೂ ಸರ್ಕಾರದ ಯೋಜನೆಗಳನ್ನು ತಲುಪಿಸಲು ಕ್ರಮ ಕೈಗೊಳ್ಳಲಾಗುವುದು ಎಂದರು. ಈ ಸಂದರ್ಭದಲ್ಲಿ ಸಂಘದ ನಿರ್ದೇಶಕರಾದ ಶಿವಣ್ಣ, ಮಹದೇವ, ರಾಮಣ್ಣ, ಜಯಮ್ಮ, ಸಿ.ಎಸ್.ನಾಗರಾಜ್ ಸೇರಿದಂತೆ ಹಲವರು ಹಾಜರಿದ್ದರು.
ಅಮಾನತು ಪಡಿಸಿಕೊಂಡ
ವಾಹನಗಳನ್ನು
ಹಿಂಪಡೆಯುವಂತೆ ಸೂಚನೆ
ಮೈಸೂರು ನಗರ ವಿ.ವಿ.ಪುರಂ ಸಂಚಾರ ಪೊಲೀಸ್ ಠಾಣೆಯಲ್ಲಿ ಅಮಾನತು ಪಡಿಸಿಕೊಂಡಿರುವ ವಾಹನಗಳ ವಾರಸುದಾರರು ಸೂಕ್ತ ದಾಖಲಾತಿಗಳೊಂದಿಗೆ ಠಾಣೆಗೆ ಬಂದು ವಾಹನಗಳನ್ನು ಹಿಂಪಡೆಯಬಹುದಾಗಿದೆ. ತಪ್ಪಿದಲ್ಲಿ ವಾಹನಗಳನ್ನು ಬಹಿರಂಗ ಹರಾಜು ಮಾಡಲಾಗುವುದು. ವಾಹನಗಳ ನೋಂದಣಿ ಸಂಖ್ಯೆ:
KA09EC9240, KA14EB4984, KA09EG4914, KA09EC3000, KA09EU3189, KA09EH7545, KA55EB006, KA50EB2374, KA11J3429, KA09EM3767, KA03EM5289, KA09EN0483, KA09HX1468, KA40EL8372, KA09ED8453, KA02S9736, KA09ED3338, KA04ET5624, KA55E3434, KA05EL2178, KA41E6727, KA03Y1443, KA05ES2210, KA05ED3176, KA01EF8846, KA09EJ6617
ಮೇಲ್ಕಂಡ ವಾಹನಗಳ ವಾರಸುದಾರರು ಪ್ರಕಟಣೆಯ 15 ದಿನದೊಳಗೆ ಠಾಣೆಯನ್ನು ಸಂಪರ್ಕಿಸಬೇಕು ಎಂದು ವಿ.ವಿ.ಪುರಂ ಸಂಚಾರ ಠಾಣೆ ಪೊಲೀಸ್ ಇನ್ಸ್‌ಪೆಕ್ಟರ್ ಪ್ರಕಟಣೆಯಲ್ಲಿ ತಿಳಿಸಿದ್ದಾರೆ.
ಜೂನ್ ಒಳಗೆ ಒಳ ಮೀಸಲಾತಿ ಜಾರಿಗೊಳಿಸಿ
ರಾಜ್ಯ ಸರ್ಕಾರ ಸುಪ್ರೀಂ ಕೋರ್ಟ್ ಆದೇಶದಂತೆ ಪರಿಶಿಷ್ಟ ಜಾತಿಗಳ ಒಳ ಮೀಸಲಾತಿಯನ್ನು ಜೂನ್ ತಿಂಗಳ ಒಳಗಾಗಿ ಜಾರಿಗೊಳಿಸಬೇಕು ಎಂದು ಮಾದಿಗ ಸಮುದಾಯದ ಮುಖಂಡರು ಆಗ್ರಹಿಸಿದರು. ಪಟ್ಟಣದ ಪತ್ರಕರ್ತರ ಭವನದಲ್ಲಿ ಸುದ್ದಿಗೋಷ್ಠಿಯಲ್ಲಿ ಮಾತನಾಡಿದ ಅವರು, ಒಳ ಮೀಸಲಾತಿ ಕುರಿತು ಸುಪ್ರೀಂ ಕೋರ್ಟ್ ತೀರ್ಪು ನೀಡಿ ಹಲವು ತಿಂಗಳುಗಳು ಕಳೆದರೂ ರಾಜ್ಯ ಸರ್ಕಾರ ಇದುವರೆಗೆ ಜಾರಿಗೊಳಿಸಿಲ್ಲ. ಇದರಿಂದ ಸಮುದಾಯಕ್ಕೆ ಅನ್ಯಾಯವಾಗುತ್ತಿದೆ. ಸರ್ಕಾರ ಕೂಡಲೇ ಎಚ್ಚೆತ್ತುಕೊಂಡು ಒಳ ಮೀಸಲಾತಿ ಜಾರಿಗೆ ಕ್ರಮ ಕೈಗೊಳ್ಳಬೇಕು. ತಪ್ಪಿದಲ್ಲಿ ರಾಜ್ಯಾದ್ಯಂತ ತೀವ್ರ ಹೋರಾಟ ನಡೆಸಲಾಗುವುದು ಎಂದು ಎಚ್ಚರಿಸಿದರು.
ಜಾತಿ ಸಮೀಕ್ಷೆ ಕಾರ್ಯವು ಮುಗಿಯುವ ಹಂತದಲ್ಲಿದ್ದು, ಆಯೋಗದ ವರದಿಯನ್ನು ಶೀಘ್ರವಾಗಿ ಸರ್ಕಾರಕ್ಕೆ ಸಲ್ಲಿಸಬೇಕು. ಸಂವಿಧಾನ ಬದ್ಧ ಹಕ್ಕನ್ನು ಪಡೆಯಲು ನಾವು ಹೋರಾಟ ಮುಂದುವರೆಸುತ್ತೇವೆ ಎಂದರು. ಈ ಸಂದರ್ಭದಲ್ಲಿ ಸಮುದಾಯದ ಮುಖಂಡರು ಹಾಗೂ ಪದಾಧಿಕಾರಿಗಳು ಉಪಸ್ಥಿತರಿದ್ದರು.
